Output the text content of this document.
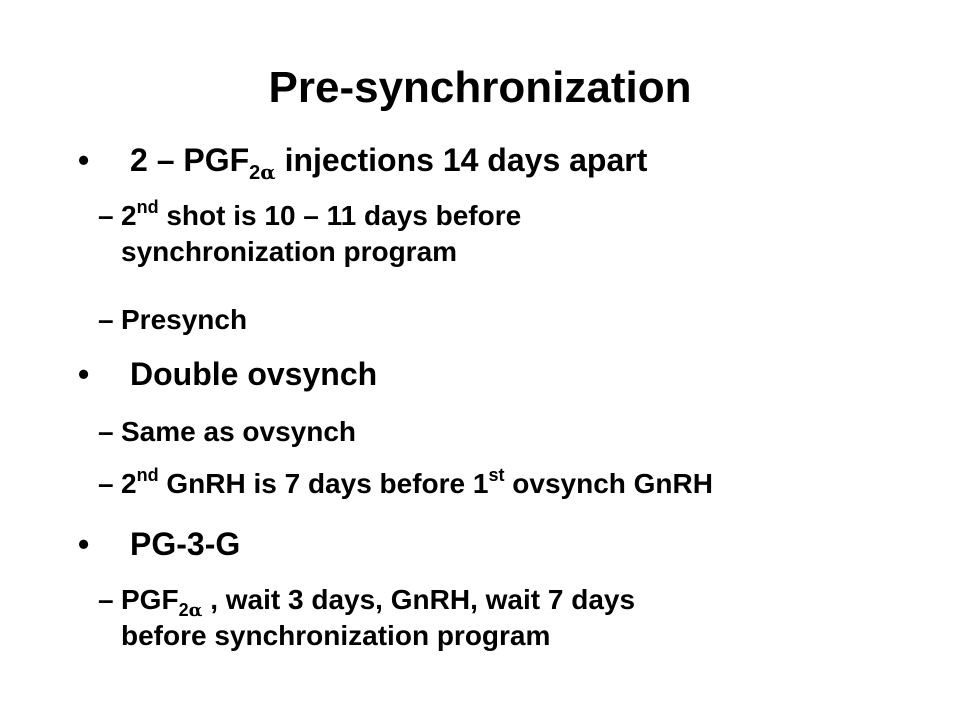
Pre-synchronization
•	$2 - PGF_{2\alpha}$ injections 14 days apart
– 2nd shot is 10 – 11 days before
synchronization program
– Presynch
•	Double ovsynch
– Same as ovsynch
– 2nd GnRH is 7 days before 1st ovsynch GnRH
•	PG-3-G
– $PGF_{2\alpha}$ , wait 3 days, GnRH, wait 7 days
before synchronization program
